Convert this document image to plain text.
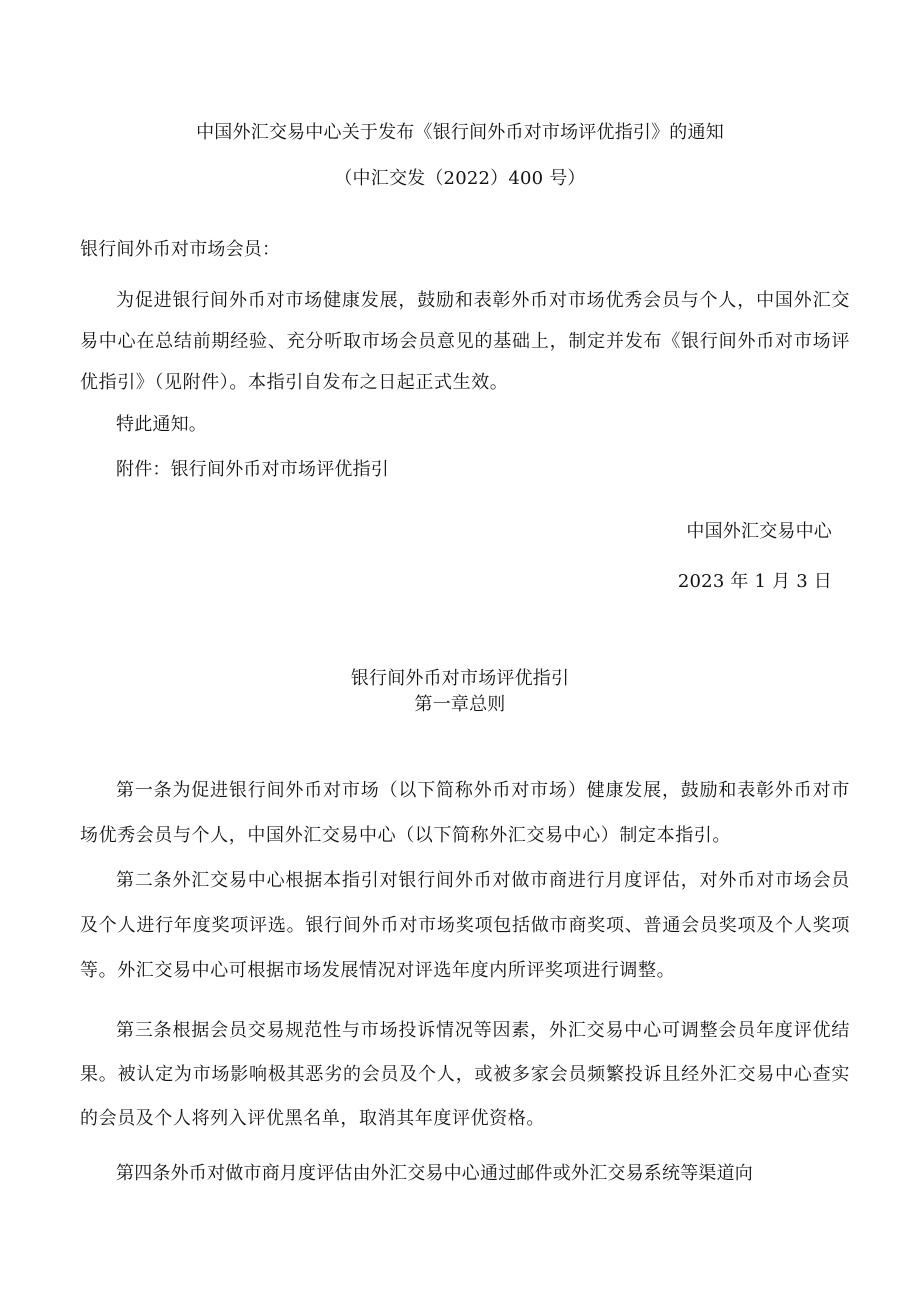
中国外汇交易中心关于发布《银行间外币对市场评优指引》的通知
（中汇交发（2022）400 号）
银行间外币对市场会员：

为促进银行间外币对市场健康发展，鼓励和表彰外币对市场优秀会员与个人，中国外汇交易中心在总结前期经验、充分听取市场会员意见的基础上，制定并发布《银行间外币对市场评优指引》（见附件）。本指引自发布之日起正式生效。

特此通知。
附件：银行间外币对市场评优指引
中国外汇交易中心
2023 年 1 月 3 日
银行间外币对市场评优指引
第一章总则

第一条为促进银行间外币对市场（以下简称外币对市场）健康发展，鼓励和表彰外币对市场优秀会员与个人，中国外汇交易中心（以下简称外汇交易中心）制定本指引。

第二条外汇交易中心根据本指引对银行间外币对做市商进行月度评估，对外币对市场会员及个人进行年度奖项评选。银行间外币对市场奖项包括做市商奖项、普通会员奖项及个人奖项等。外汇交易中心可根据市场发展情况对评选年度内所评奖项进行调整。

第三条根据会员交易规范性与市场投诉情况等因素，外汇交易中心可调整会员年度评优结果。被认定为市场影响极其恶劣的会员及个人，或被多家会员频繁投诉且经外汇交易中心查实的会员及个人将列入评优黑名单，取消其年度评优资格。

第四条外币对做市商月度评估由外汇交易中心通过邮件或外汇交易系统等渠道向
